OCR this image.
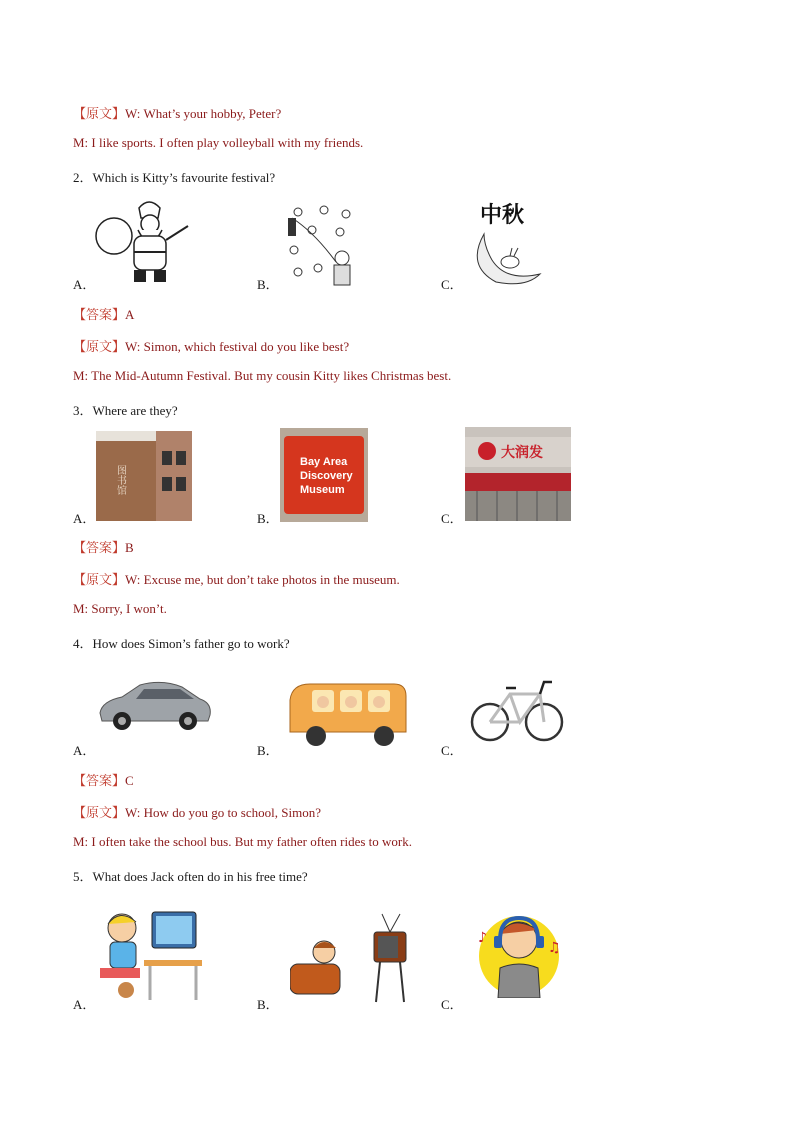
【原文】W: What’s your hobby, Peter?
M: I like sports. I often play volleyball with my friends.
2．Which is Kitty’s favourite festival?
中秋
A．	B．	C．
【答案】A
【原文】W: Simon, which festival do you like best?
M: The Mid-Autumn Festival. But my cousin Kitty likes Christmas best.
3．Where are they?
图书馆
Bay Area
Discovery
Museum
大润发
A．	B．	C．
【答案】B
【原文】W: Excuse me, but don’t take photos in the museum.
M: Sorry, I won’t.
4．How does Simon’s father go to work?
A．	B．	C．
【答案】C
【原文】W: How do you go to school, Simon?
M: I often take the school bus. But my father often rides to work.
5．What does Jack often do in his free time?
♪
♫
A．	B．	C．
